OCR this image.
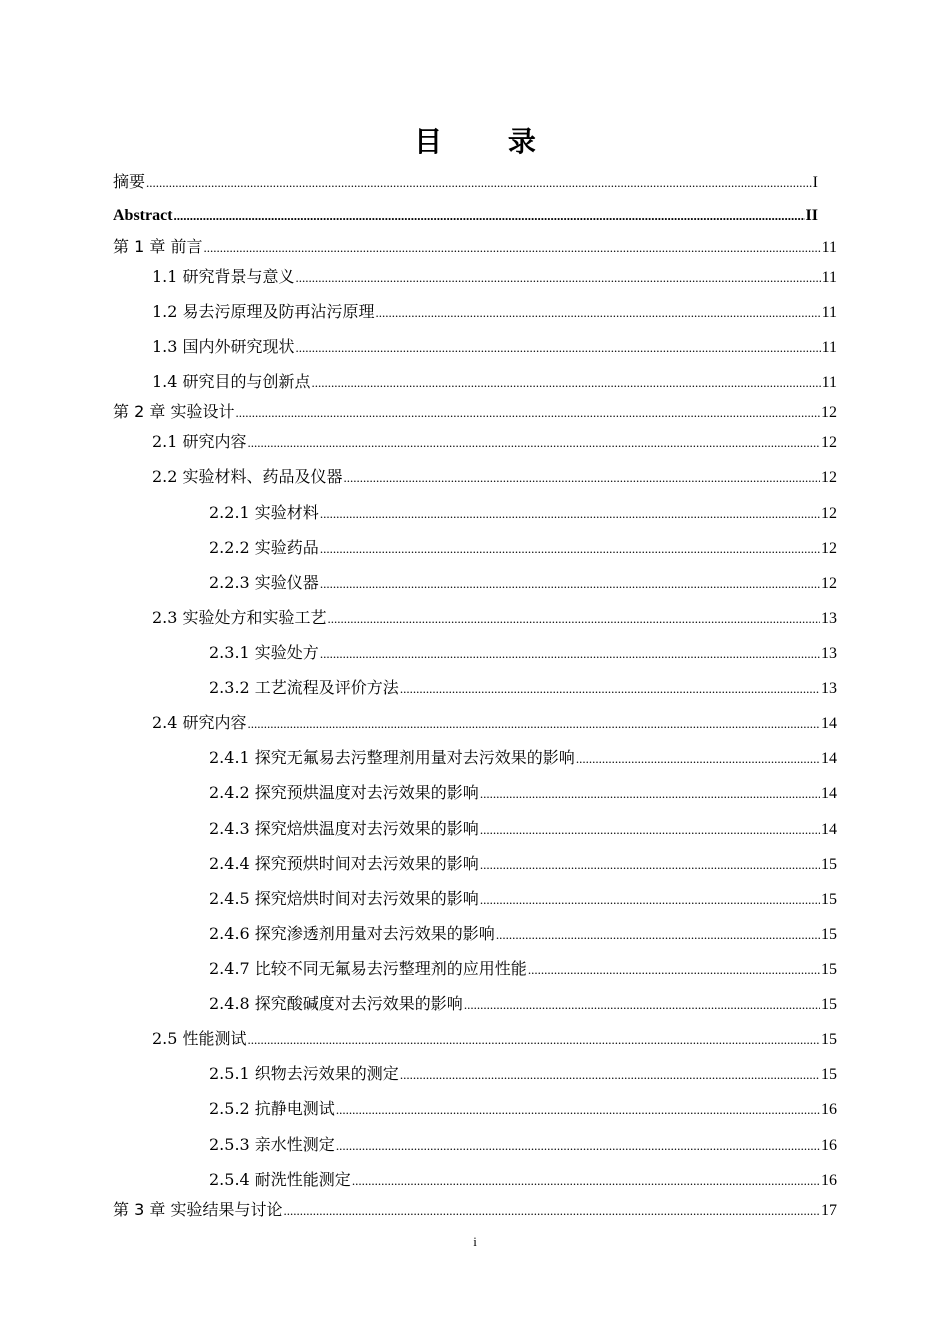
目 录
摘要 .....	I
Abstract .....	II
第 1 章 前言 .....	11
1.1 研究背景与意义 .....	11
1.2 易去污原理及防再沾污原理 .....	11
1.3 国内外研究现状 .....	11
1.4 研究目的与创新点 .....	11
第 2 章 实验设计 .....	12
2.1 研究内容 .....	12
2.2 实验材料、药品及仪器 .....	12
2.2.1 实验材料 .....	12
2.2.2 实验药品 .....	12
2.2.3 实验仪器 .....	12
2.3 实验处方和实验工艺 .....	13
2.3.1 实验处方 .....	13
2.3.2 工艺流程及评价方法 .....	13
2.4 研究内容 .....	14
2.4.1 探究无氟易去污整理剂用量对去污效果的影响 .....	14
2.4.2 探究预烘温度对去污效果的影响 .....	14
2.4.3 探究焙烘温度对去污效果的影响 .....	14
2.4.4 探究预烘时间对去污效果的影响 .....	15
2.4.5 探究焙烘时间对去污效果的影响 .....	15
2.4.6 探究渗透剂用量对去污效果的影响 .....	15
2.4.7 比较不同无氟易去污整理剂的应用性能 .....	15
2.4.8 探究酸碱度对去污效果的影响 .....	15
2.5 性能测试 .....	15
2.5.1 织物去污效果的测定 .....	15
2.5.2 抗静电测试 .....	16
2.5.3 亲水性测定 .....	16
2.5.4 耐洗性能测定 .....	16
第 3 章 实验结果与讨论 .....	17
i
